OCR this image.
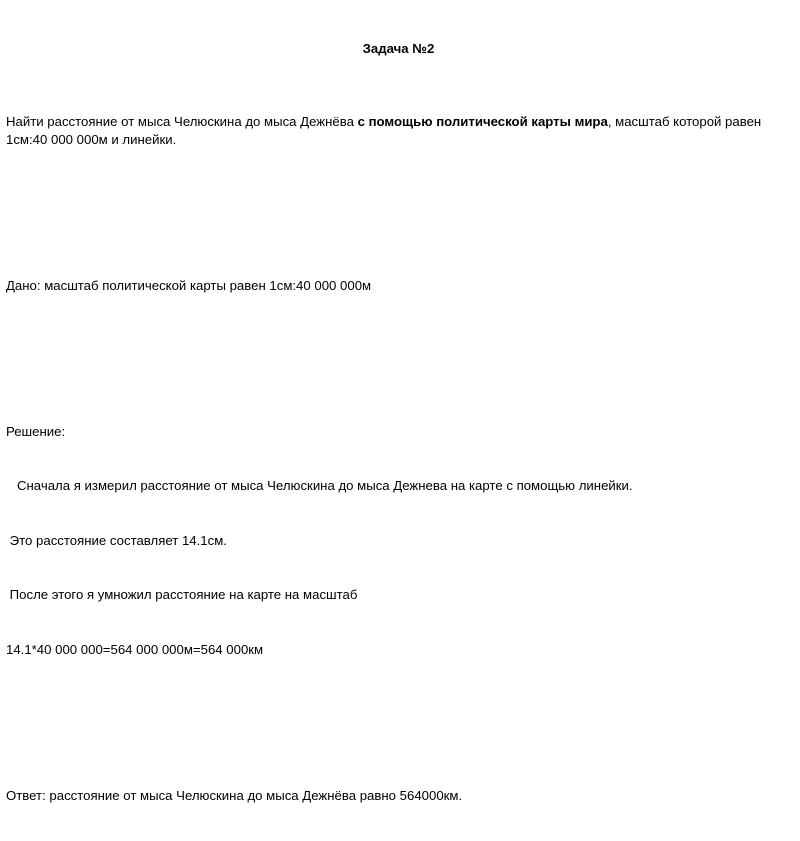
Задача №2

Найти расстояние от мыса Челюскина до мыса Дежнёва с помощью политической карты мира, масштаб которой равен 1см:40 000 000м и линейки.

Дано: масштаб политической карты равен 1см:40 000 000м

Решение:

Сначала я измерил расстояние от мыса Челюскина до мыса Дежнева на карте с помощью линейки.

Это расстояние составляет 14.1см.

После этого я умножил расстояние на карте на масштаб

14.1*40 000 000=564 000 000м=564 000км

Ответ: расстояние от мыса Челюскина до мыса Дежнёва равно 564000км.
